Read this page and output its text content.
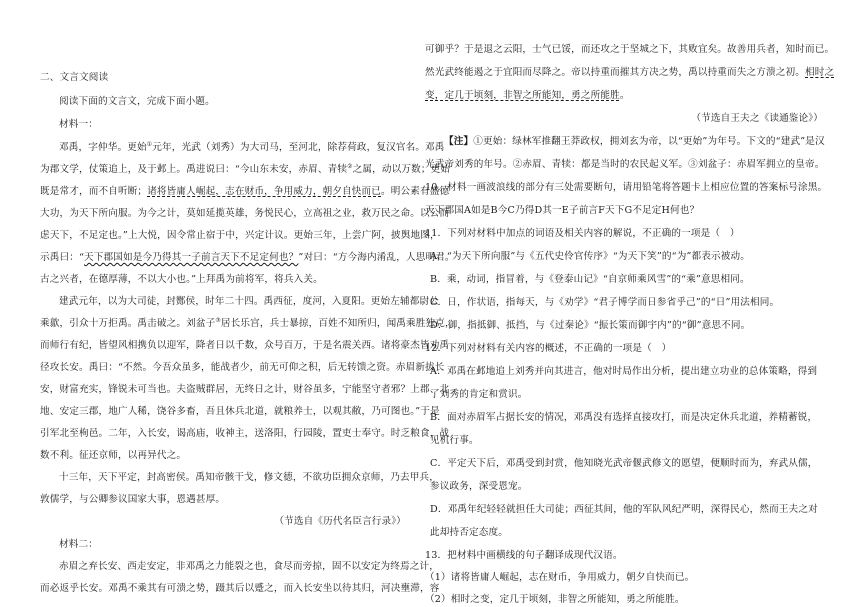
二、文言文阅读
阅读下面的文言文，完成下面小题。
材料一：
邓禹，字仲华。更始①元年，光武（刘秀）为大司马，至河北，除荐荷政，复汉官名。邓禹
为郡文学，仗策追上，及于邺上。禹进说曰：“今山东未安，赤眉、青犊②之属，动以万数；更始
既是常才，而不自听断；诸将皆庸人崛起，志在财币，争用威力，朝夕自快而已。明公素有盛德
大功，为天下所向服。为今之计，莫如延揽英雄，务悦民心，立高祖之业，救万民之命。以公而
虑天下，不足定也。”上大悦，因令常止宿于中，兴定计议。更始三年，上尝广阿，披舆地图，
示禹曰：“天下郡国如是今乃得其一子前言天下不足定何也？”对曰：“方今海内淆乱，人思明君。
古之兴者，在德厚薄，不以大小也。”上拜禹为前将军，将兵入关。
建武元年，以为大司徒，封酂侯，时年二十四。禹西征，度河，入夏阳。更始左辅都尉公
乘歙，引众十万拒禹。禹击破之。刘盆子③居长乐宫，兵士暴掠，百姓不知所归，闻禹乘胜独克，
而师行有纪，皆望风相携负以迎军，降者日以千数，众号百万，于是名震关西。诸将豪杰皆劝禹
径攻长安。禹曰：“不然。今吾众虽多，能战者少，前无可仰之积，后无转馈之资。赤眉新拔长
安，财富充实，锋锐未可当也。夫盗贼群居，无终日之计，财谷虽多，宁能坚守者邪？上郡、北
地、安定三郡，地广人稀，饶谷多畜，吾且休兵北道，就粮养士，以观其敝，乃可图也。”于是
引军北至栒邑。二年，入长安，谒高庙，收神主，送洛阳，行园陵，置吏士奉守。时乏粮食，战
数不利。征还京师，以再异代之。
十三年，天下平定，封高密侯。禹知帝骸干戈，修文德，不欲功臣拥众京师，乃去甲兵，
敦儒学，与公卿参议国家大事，恩遇甚厚。
（节选自《历代名臣言行录》）
材料二：
赤眉之弃长安、西走安定，非邓禹之力能裂之也，食尽而旁掠，固不以安定为终焉之计，
而必返乎长安。邓禹不乘其有可溃之势，蹑其后以蹙之，而入长安坐以待其归，河决壅滞，容
可御乎？于是退之云阳，士气已馁，而还攻之于坚城之下，其败宜矣。故善用兵者，知时而已。
然光武终能遏之于宜阳而尽降之。帝以持重而摧其方决之势，禹以持重而失之方溃之初。相时之
变，定几于顷刻，非智之所能知，勇之所能胜。
（节选自王夫之《读通鉴论》）
【注】①更始：绿林军推翻王莽政权，拥刘玄为帝，以“更始”为年号。下文的“建武”是汉
光武帝刘秀的年号。②赤眉、青犊：都是当时的农民起义军。③刘盆子：赤眉军拥立的皇帝。
10．材料一画波浪线的部分有三处需要断句，请用铅笔将答题卡上相应位置的答案标号涂黑。
天下郡国A如是B今C乃得D其一E子前言F天下G不足定H何也？
11．下列对材料中加点的词语及相关内容的解说，不正确的一项是（　）
A．“为天下所向服”与《五代史伶官传序》“为天下笑”的“为”都表示被动。
B．乘，动词，指冒着，与《登泰山记》“自京师乘风雪”的“乘”意思相同。
C．日，作状语，指每天，与《劝学》“君子博学而日参省乎己”的“日”用法相同。
D．御，指抵御、抵挡，与《过秦论》“振长策而御宇内”的“御”意思不同。
12．下列对材料有关内容的概述，不正确的一项是（　）
A．邓禹在邺地追上刘秀并向其进言，他对时局作出分析，提出建立功业的总体策略，得到
了刘秀的肯定和赏识。
B．面对赤眉军占据长安的情况，邓禹没有选择直接攻打，而是决定休兵北道，养精蓄锐，
见机行事。
C．平定天下后，邓禹受到封赏，他知晓光武帝偃武修文的愿望，便顺时而为，弃武从儒，
参议政务，深受恩宠。
D．邓禹年纪轻轻就担任大司徒；西征其间，他的军队风纪严明，深得民心，然而王夫之对
此却持否定态度。
13．把材料中画横线的句子翻译成现代汉语。
（1）诸将皆庸人崛起，志在财币，争用威力，朝夕自快而已。
（2）相时之变，定几于顷刻，非智之所能知，勇之所能胜。
